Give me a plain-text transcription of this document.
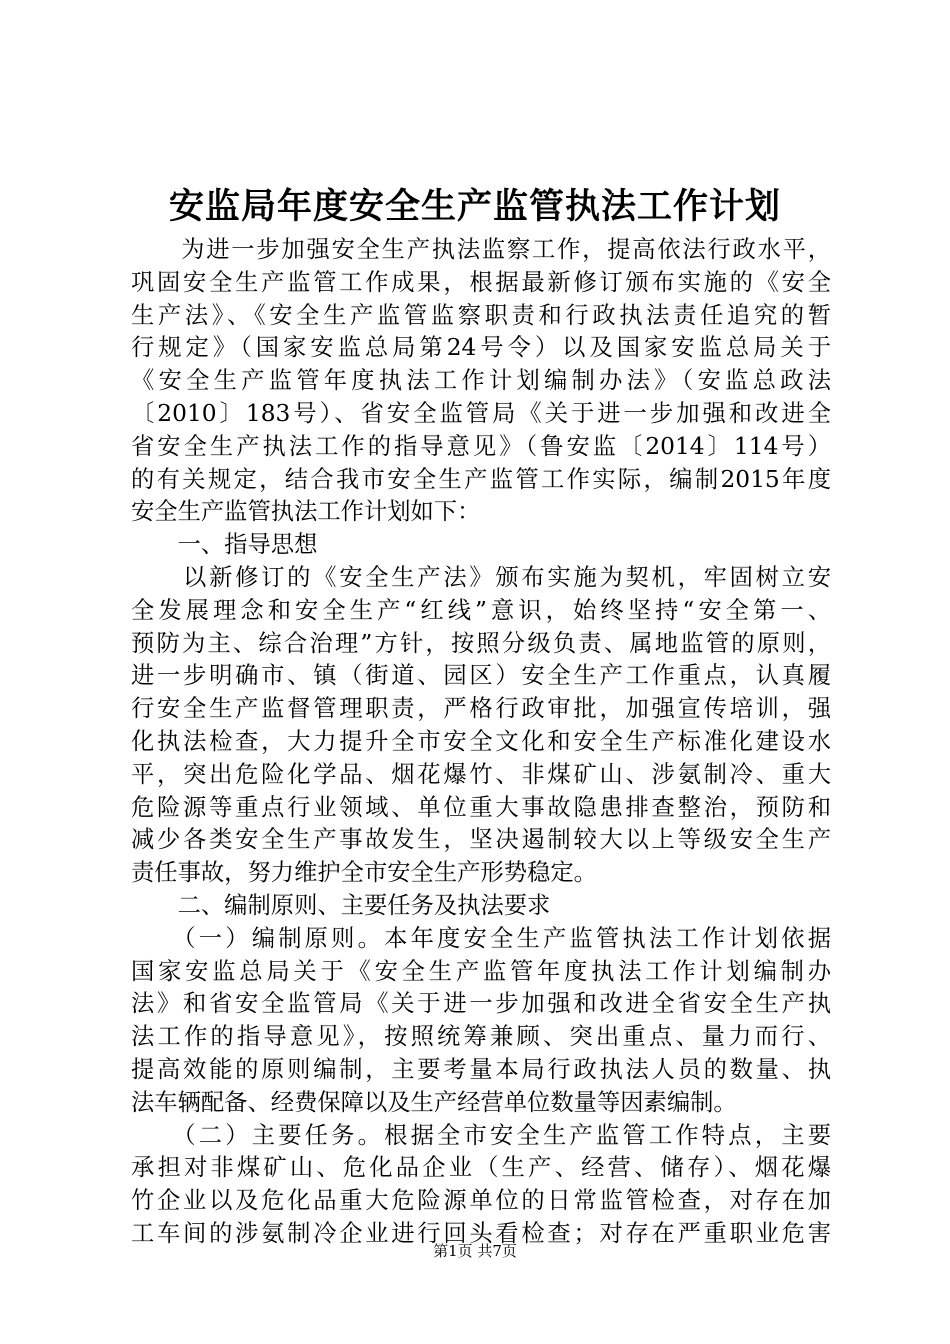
安监局年度安全生产监管执法工作计划
　　为进一步加强安全生产执法监察工作，提高依法行政水平，
巩固安全生产监管工作成果，根据最新修订颁布实施的《安全
生产法》、《安全生产监管监察职责和行政执法责任追究的暂
行规定》（国家安监总局第24号令）以及国家安监总局关于
《安全生产监管年度执法工作计划编制办法》（安监总政法
〔2010〕183号）、省安全监管局《关于进一步加强和改进全
省安全生产执法工作的指导意见》（鲁安监〔2014〕114号）
的有关规定，结合我市安全生产监管工作实际，编制2015年度
安全生产监管执法工作计划如下：
　　一、指导思想
　　以新修订的《安全生产法》颁布实施为契机，牢固树立安
全发展理念和安全生产“红线”意识，始终坚持“安全第一、
预防为主、综合治理”方针，按照分级负责、属地监管的原则，
进一步明确市、镇（街道、园区）安全生产工作重点，认真履
行安全生产监督管理职责，严格行政审批，加强宣传培训，强
化执法检查，大力提升全市安全文化和安全生产标准化建设水
平，突出危险化学品、烟花爆竹、非煤矿山、涉氨制冷、重大
危险源等重点行业领域、单位重大事故隐患排查整治，预防和
减少各类安全生产事故发生，坚决遏制较大以上等级安全生产
责任事故，努力维护全市安全生产形势稳定。
　　二、编制原则、主要任务及执法要求
　　（一）编制原则。本年度安全生产监管执法工作计划依据
国家安监总局关于《安全生产监管年度执法工作计划编制办
法》和省安全监管局《关于进一步加强和改进全省安全生产执
法工作的指导意见》，按照统筹兼顾、突出重点、量力而行、
提高效能的原则编制，主要考量本局行政执法人员的数量、执
法车辆配备、经费保障以及生产经营单位数量等因素编制。
　　（二）主要任务。根据全市安全生产监管工作特点，主要
承担对非煤矿山、危化品企业（生产、经营、储存）、烟花爆
竹企业以及危化品重大危险源单位的日常监管检查，对存在加
工车间的涉氨制冷企业进行回头看检查；对存在严重职业危害
第1页 共7页
